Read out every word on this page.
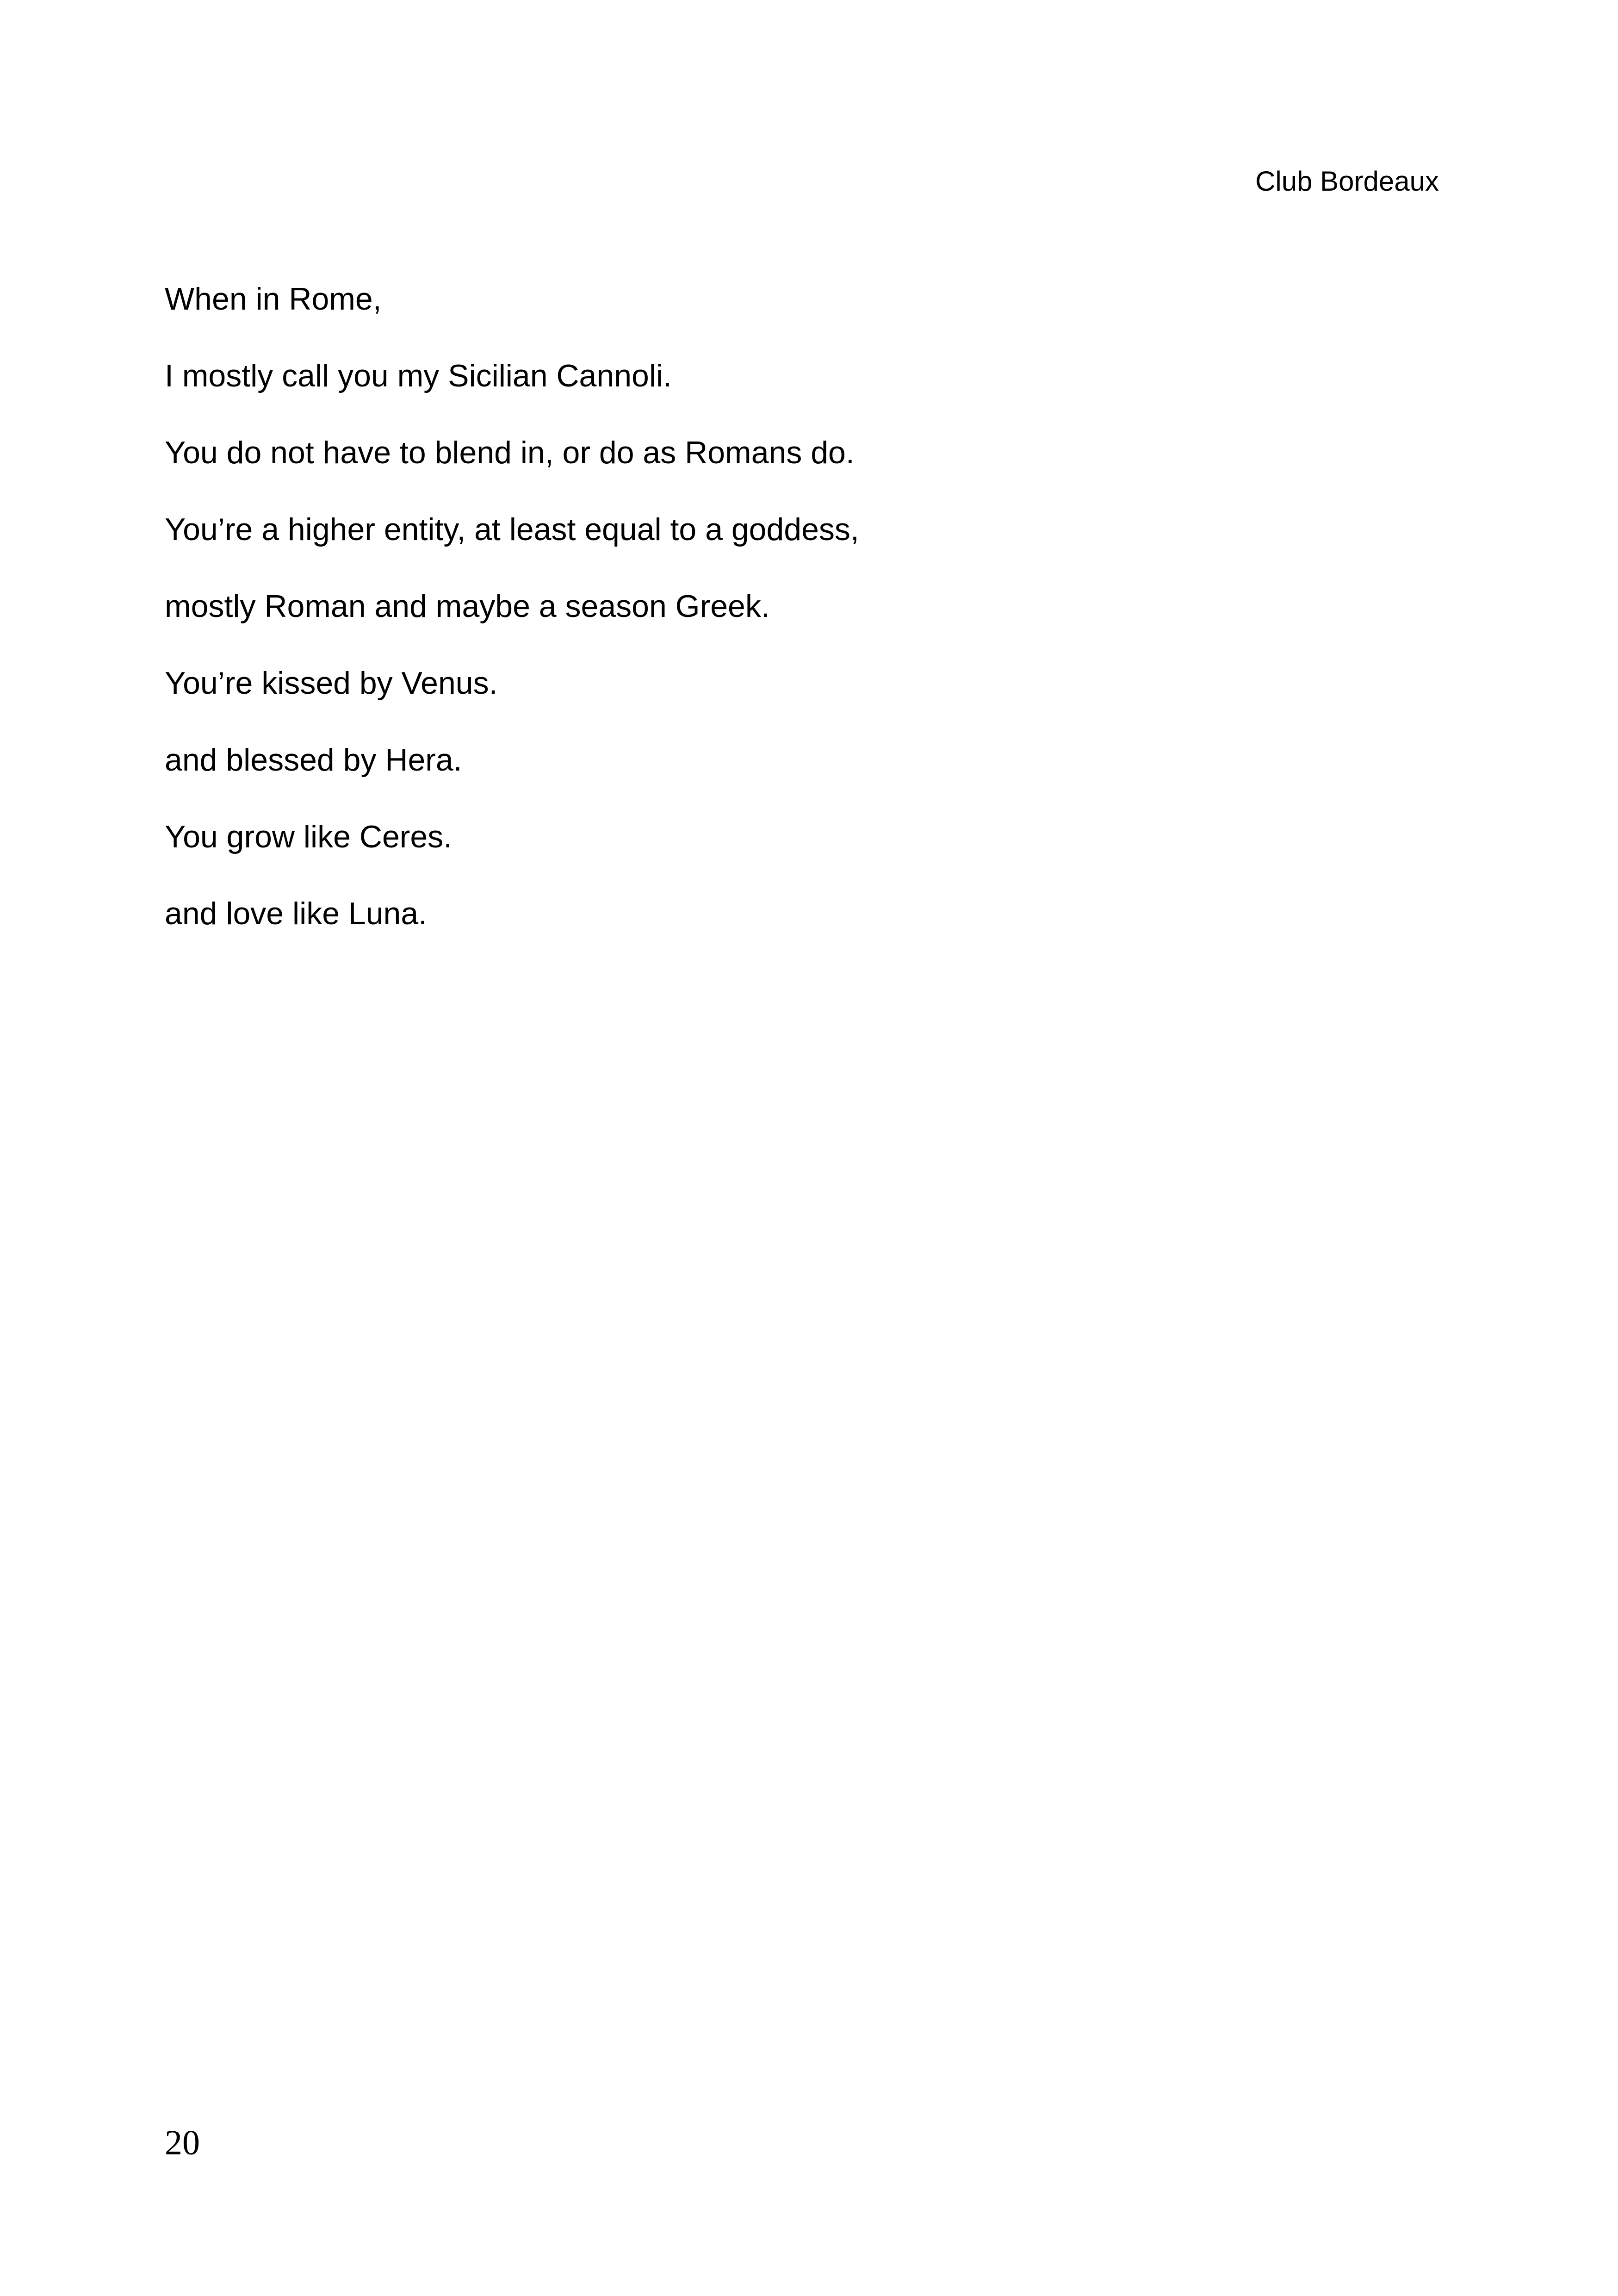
Club Bordeaux

When in Rome,

I mostly call you my Sicilian Cannoli.

You do not have to blend in, or do as Romans do.

You’re a higher entity, at least equal to a goddess,

mostly Roman and maybe a season Greek.

You’re kissed by Venus.

and blessed by Hera.

You grow like Ceres.

and love like Luna.

20
